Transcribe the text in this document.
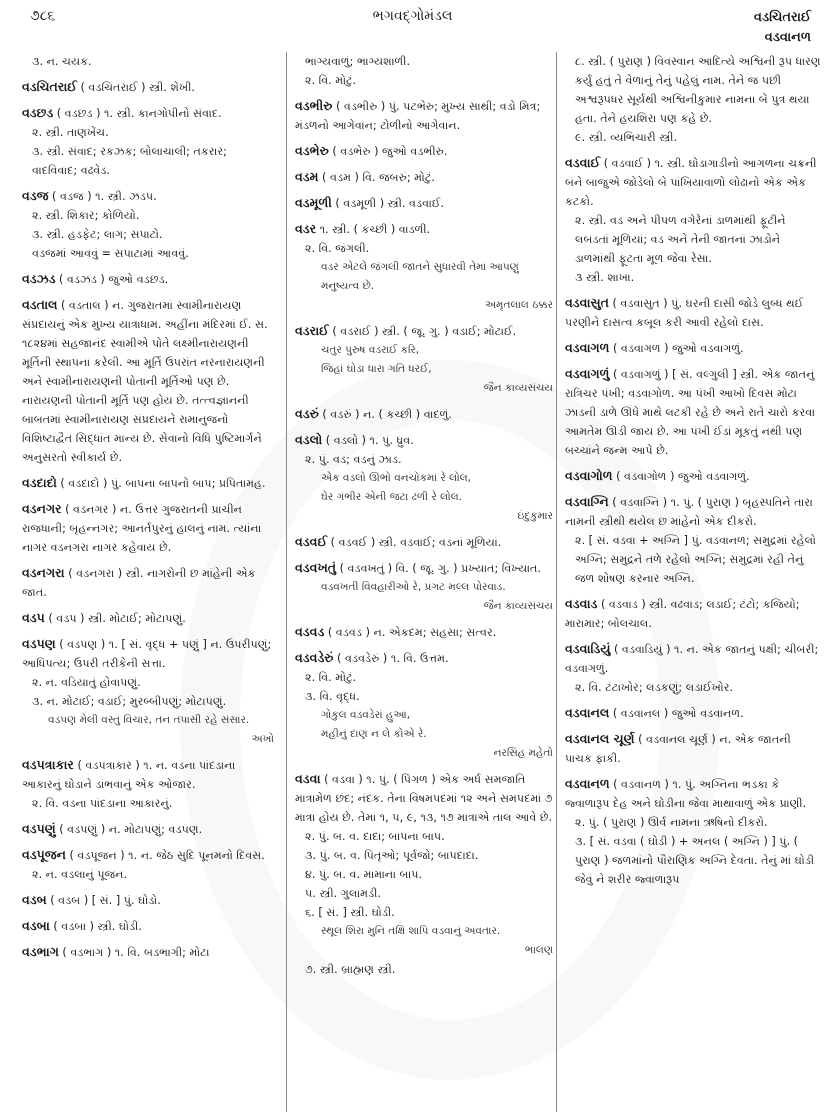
૭૮૬	ભગવદ્ગોમંડલ	વડચિતરાઈ
વડવાનળ
૩. ન. ચયક.
વડચિતરાઈ ( વડચિતરાઈ ) સ્ત્રી. શેખી.
વડછડ ( વડછડ ) ૧. સ્ત્રી. કાનગોપીનો સંવાદ.
૨. સ્ત્રી. તાણખેંચ.
૩. સ્ત્રી. સંવાદ; રકઝક; બોલાચાલી; તકરાર; વાદવિવાદ; વઢવેડ.
વડજ ( વડજ ) ૧. સ્ત્રી. ઝડપ.
૨. સ્ત્રી. શિકાર; કોળિયો.
૩. સ્ત્રી. હડફેટ; લાગ; સપાટો.
વડજમાં આવવું = સપાટામાં આવવું.
વડઝડ ( વડઝડ ) જુઓ વડછડ.
વડતાલ ( વડતાલ ) ન. ગુજરાતમાં સ્વામીનારાયણ સંપ્રદાયનું એક મુખ્ય યાત્રાધામ. અહીંના મંદિરમાં ઈ. સ. ૧૮૨૪માં સહજાનંદ સ્વામીએ પોતે લક્ષ્મીનારાયણની મૂર્તિની સ્થાપના કરેલી. આ મૂર્તિ ઉપરાંત નરનારાયણની અને સ્વામીનારાયણની પોતાની મૂર્તિઓ પણ છે. નારાયણની પોતાની મૂર્તિ પણ હોય છે. તત્ત્વજ્ઞાનની બાબતમાં સ્વામીનારાયણ સંપ્રદાયને રામાનુજનો વિશિષ્ટાદ્વૈત સિદ્ધાંત માન્ય છે. સેવાનો વિધિ પુષ્ટિમાર્ગને અનુસરતો સ્વીકાર્ય છે.
વડદાદો ( વડદાદો ) પું. બાપના બાપનો બાપ; પ્રપિતામહ.
વડનગર ( વડનગર ) ન. ઉત્તર ગુજરાતની પ્રાચીન રાજધાની; બૃહન્નગર; આનર્તપુરનું હાલનું નામ. ત્યાંના નાગર વડનગરા નાગર કહેવાય છે.
વડનગરા ( વડનગરા ) સ્ત્રી. નાગરોની છ માંહેની એક જાત.
વડપ ( વડપ ) સ્ત્રી. મોટાઈ; મોટાપણું.
વડપણ ( વડપણ ) ૧. [ સં. વૃદ્ધ + પણું ] ન. ઉપરીપણું; આધિપત્ય; ઉપરી તરીકેની સત્તા.
૨. ન. વડિયાતું હોવાપણું.
૩. ન. મોટાઈ; વડાઈ; મુરબ્બીપણું; મોટાપણું.
વડપણ મેલી વસ્તુ વિચાર, તન તપાસી રહે સંસાર.
અખો
વડપત્રાકાર ( વડપત્રાકાર ) ૧. ન. વડના પાંદડાના આકારનું ઘોડાને ડાંભવાનું એક ઓજાર.
૨. વિ. વડના પાંદડાના આકારનું.
વડપણું ( વડપણું ) ન. મોટાપણું; વડપણ.
વડપૂજન ( વડપૂજન ) ૧. ન. જેઠ સુદિ પૂનમનો દિવસ.
૨. ન. વડલાનું પૂજન.
વડબ ( વડબ ) [ સં. ] પું. ઘોડો.
વડબા ( વડબા ) સ્ત્રી. ઘોડી.
વડભાગ ( વડભાગ ) ૧. વિ. બડભાગી; મોટા
ભાગ્યવાળું; ભાગ્યશાળી.
૨. વિ. મોટું.
વડભીરુ ( વડભીરુ ) પું. પટભેરુ; મુખ્ય સાથી; વડો મિત્ર; મંડળનો આગેવાન; ટોળીનો આગેવાન.
વડભેરુ ( વડભેરુ ) જુઓ વડભીરુ.
વડમ ( વડમ ) વિ. જબરું; મોટું.
વડમૂળી ( વડમૂળી ) સ્ત્રી. વડવાઈ.
વડર ૧. સ્ત્રી. ( કચ્છી ) વાડળી.
૨. વિ. જંગલી.
વડર એટલે જંગલી જાતને સુધારવી તેમાં આપણું મનુષ્યત્વ છે.
અમૃતલાલ ઠક્કર
વડરાઈ ( વડરાઈ ) સ્ત્રી. ( જૂ. ગુ. ) વડાઈ; મોટાઈ.
ચતુર પુરુષ વડરાઈ કરિ,
જિહાં ઘોડા ધારા ગતિ ધરઈ,
જૈન કાવ્યસંચય
વડરું ( વડરું ) ન. ( કચ્છી ) વાદળું.
વડલો ( વડલો ) ૧. પું. ધ્રુવ.
૨. પું. વડ; વડનું ઝાડ.
એક વડલો ઊભો વનચોકમાં રે લોલ,
ઘેર ગંભીર એની જટા ઢળી રે લોલ.
ઇંદુકુમાર
વડવઈ ( વડવઈ ) સ્ત્રી. વડવાઈ; વડનાં મૂળિયાં.
વડવખતું ( વડવખતું ) વિ. ( જૂ. ગુ. ) પ્રખ્યાત; વિખ્યાત.
વડવખતી વિવહારીઓ રે, પ્રગટ મલ્લ પોરવાડ.
જૈન કાવ્યસંચય
વડવડ ( વડવડ ) ન. એકદમ; સહસા; સત્વર.
વડવડેરું ( વડવડેરું ) ૧. વિ. ઉત્તમ.
૨. વિ. મોટું.
૩. વિ. વૃદ્ધ.
ગોકુલ વડવડેરાં હુઆં,
મહીનું દાણ ન લે કોએ રે.
નરસિંહ મહેતો
વડવા ( વડવા ) ૧. પું. ( પિંગળ ) એક અર્ધ સમજાતિ માત્રામેળ છંદ; નંદક. તેના વિષમપદમાં ૧૨ અને સમપદમાં ૭ માત્રા હોય છે. તેમાં ૧, ૫, ૯, ૧૩, ૧૭ માત્રાએ તાલ આવે છે.
૨. પું. બ. વ. દાદા; બાપના બાપ.
૩. પું. બ. વ. પિતૃઓ; પૂર્વજો; બાપદાદા.
૪. પું. બ. વ. મામાના બાપ.
૫. સ્ત્રી. ગુલામડી.
૬. [ સં. ] સ્ત્રી. ઘોડી.
સ્થૂલ શિરા મુનિ તક્ષિ શાપિ વડવાનું અવતાર.
ભાલણ
૭. સ્ત્રી. બ્રાહ્મણ સ્ત્રી.
૮. સ્ત્રી. ( પુરાણ ) વિવસ્વાન આદિત્યે અશ્વિની રૂપ ધારણ કર્યું હતું તે વેળાનું તેનું પહેલું નામ. તેને જ પછી અશ્વરૂપધર સૂર્યથી અશ્વિનીકુમાર નામના બે પુત્ર થયા હતા. તેને હયશિરા પણ કહે છે.
૯. સ્ત્રી. વ્યભિચારી સ્ત્રી.
વડવાઈ ( વડવાઈ ) ૧. સ્ત્રી. ઘોડાગાડીનો આગળના ચક્રની બંને બાજુએ જોડેલો બે પાંખિયાવાળો લોઢાનો એક એક કટકો.
૨. સ્ત્રી. વડ અને પીપળ વગેરેનાં ડાળમાંથી ફૂટીને લબડતાં મૂળિયાં; વડ અને તેની જાતનાં ઝાડોને ડાળમાંથી ફૂટતા મૂળ જેવા રેસા.
૩ સ્ત્રી. શાખા.
વડવાસુત ( વડવાસુત ) પું. ઘરની દાસી જોડે લુબ્ધ થઈ પરણીને દાસત્વ કબૂલ કરી આવી રહેલો દાસ.
વડવાગળ ( વડવાગળ ) જુઓ વડવાગળું.
વડવાગળું ( વડવાગળું ) [ સં. વલ્ગુલી ] સ્ત્રી. એક જાતનું રાત્રિચર પંખી; વડવાગોળ. આ પંખી આખો દિવસ મોટા ઝાડની ડાળે ઊંધે માથે લટકી રહે છે અને રાતે ચારો કરવા આમતેમ ઊડી જાય છે. આ પંખી ઈંડાં મૂકતું નથી પણ બચ્ચાંને જન્મ આપે છે.
વડવાગોળ ( વડવાગોળ ) જુઓ વડવાગળું.
વડવાગ્નિ ( વડવાગ્નિ ) ૧. પું. ( પુરાણ ) બૃહસ્પતિને તારા નામની સ્ત્રીથી થયેલ છ માંહેનો એક દીકરો.
૨. [ સં. વડવા + અગ્નિ ] પું. વડવાનળ; સમુદ્રમાં રહેલો અગ્નિ; સમુદ્રને તળે રહેલો અગ્નિ; સમુદ્રમાં રહી તેનું જળ શોષણ કરનાર અગ્નિ.
વડવાડ ( વડવાડ ) સ્ત્રી. વઢવાડ; લડાઈ; ટંટો; કજિયો; મારામાર; બોલચાલ.
વડવાડિયું ( વડવાડિયું ) ૧. ન. એક જાતનું પક્ષી; ચીબરી; વડવાગળું.
૨. વિ. ટંટાખોર; લડકણું; લડાઈખોર.
વડવાનલ ( વડવાનલ ) જુઓ વડવાનળ.
વડવાનલ ચૂર્ણ ( વડવાનલ ચૂર્ણ ) ન. એક જાતની પાચક ફાકી.
વડવાનળ ( વડવાનળ ) ૧. પું. અગ્નિના ભડકા કે જ્વાળારૂપ દેહ અને ઘોડીના જેવા માથાવાળું એક પ્રાણી.
૨. પું. ( પુરાણ ) ઊર્વ નામના ઋષિનો દીકરો.
૩. [ સં. વડવા ( ઘોડી ) + અનલ ( અગ્નિ ) ] પું. ( પુરાણ ) જળમાંનો પૌરાણિક અગ્નિ દેવતા. તેનું માં ઘોડી જેવું ને શરીર જ્વાળારૂપ
